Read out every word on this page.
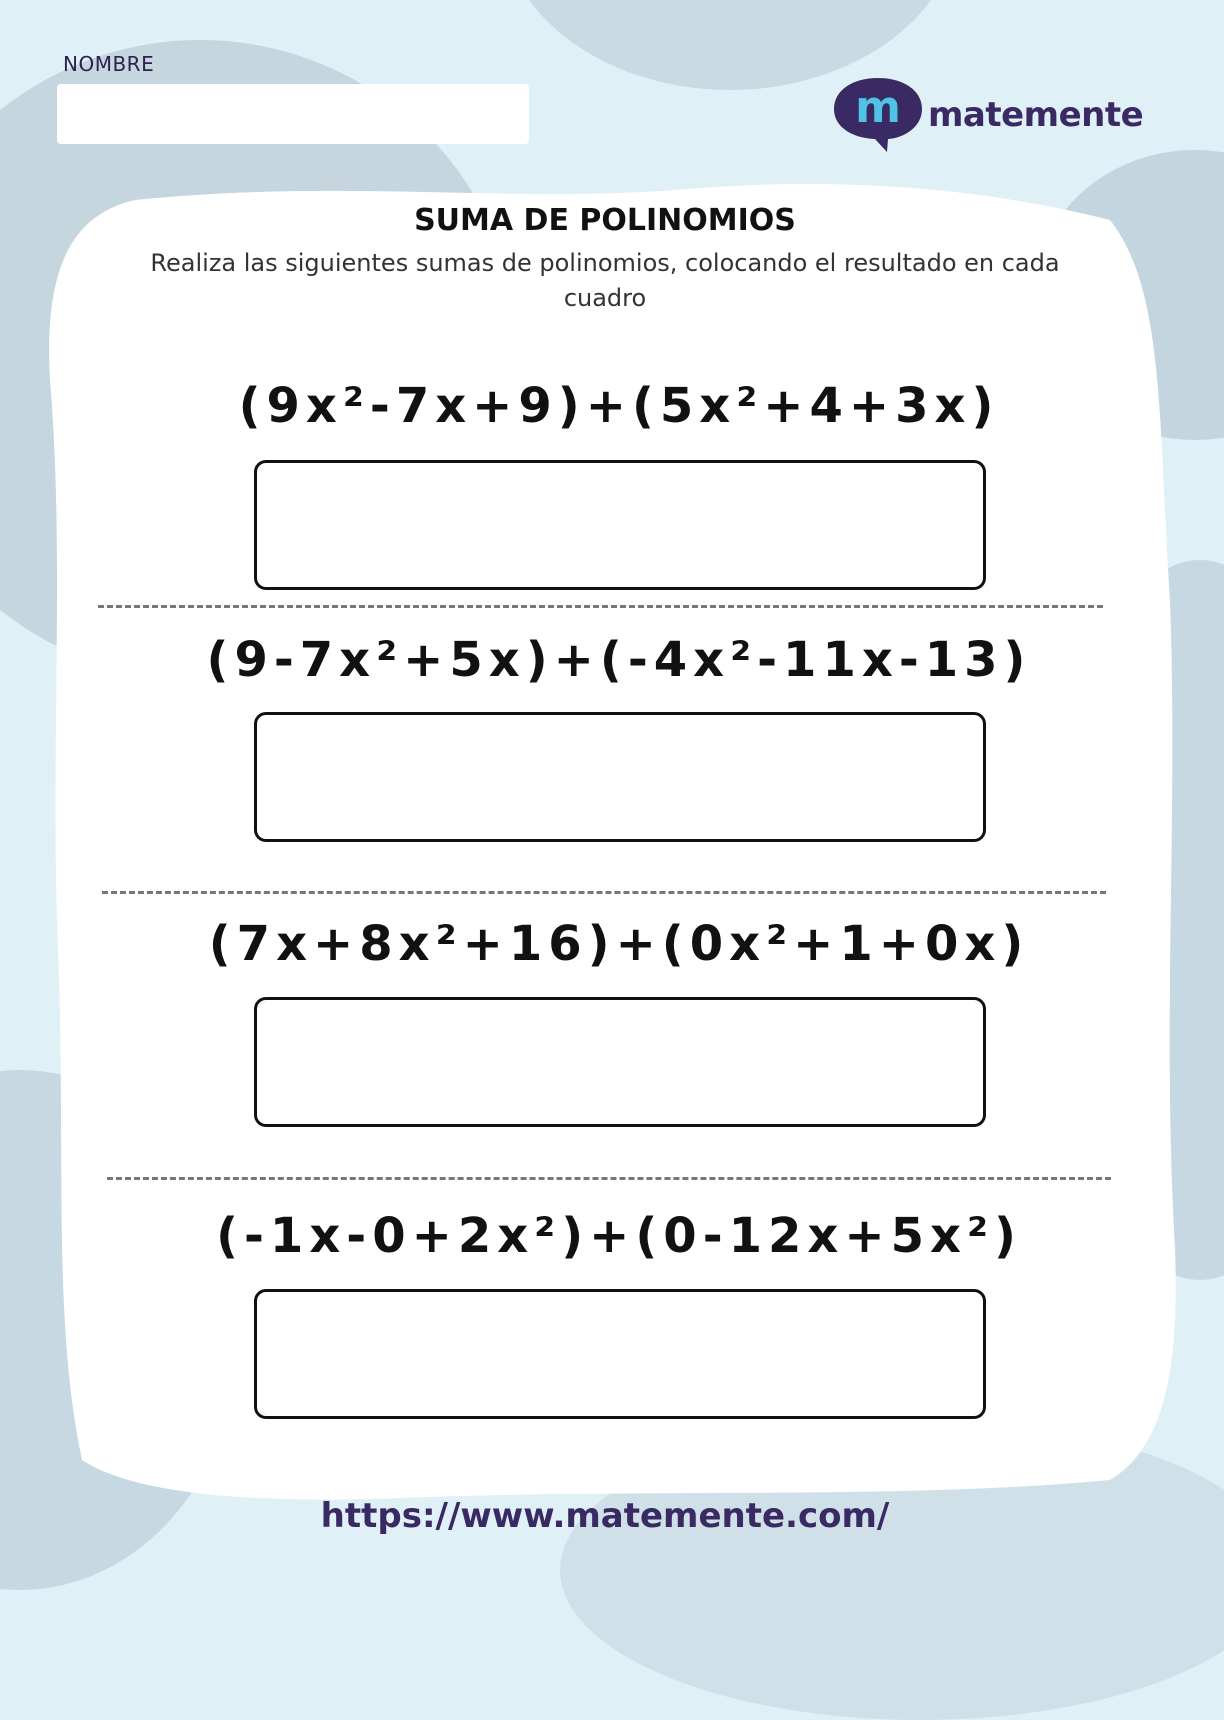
NOMBRE
m matemente
SUMA DE POLINOMIOS
Realiza las siguientes sumas de polinomios, colocando el resultado en cada cuadro
(9x²-7x+9)+(5x²+4+3x)
(9-7x²+5x)+(-4x²-11x-13)
(7x+8x²+16)+(0x²+1+0x)
(-1x-0+2x²)+(0-12x+5x²)
https://www.matemente.com/
